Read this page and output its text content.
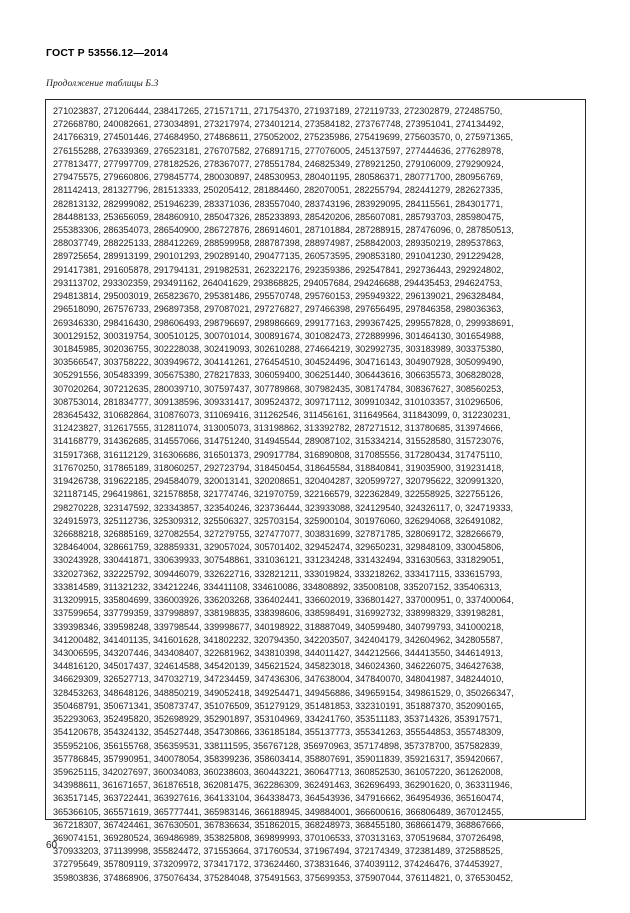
ГОСТ Р 53556.12—2014
Продолжение таблицы Б.3
271023837, 271206444, 238417265, 271571711, 271754370, 271937189, 272119733, 272302879, 272485750,
272668780, 240082661, 273034891, 273217974, 273401214, 273584182, 273767748, 273951041, 274134492,
241766319, 274501446, 274684950, 274868611, 275052002, 275235986, 275419699, 275603570, 0, 275971365,
276155288, 276339369, 276523181, 276707582, 276891715, 277076005, 245137597, 277444636, 277628978,
277813477, 277997709, 278182526, 278367077, 278551784, 246825349, 278921250, 279106009, 279290924,
279475575, 279660806, 279845774, 280030897, 248530953, 280401195, 280586371, 280771700, 280956769,
281142413, 281327796, 281513333, 250205412, 281884460, 282070051, 282255794, 282441279, 282627335,
282813132, 282999082, 251946239, 283371036, 283557040, 283743196, 283929095, 284115561, 284301771,
284488133, 253656059, 284860910, 285047326, 285233893, 285420206, 285607081, 285793703, 285980475,
255383306, 286354073, 286540900, 286727876, 286914601, 287101884, 287288915, 287476096, 0, 287850513,
288037749, 288225133, 288412269, 288599958, 288787398, 288974987, 258842003, 289350219, 289537863,
289725654, 289913199, 290101293, 290289140, 290477135, 260573595, 290853180, 291041230, 291229428,
291417381, 291605878, 291794131, 291982531, 262322176, 292359386, 292547841, 292736443, 292924802,
293113702, 293302359, 293491162, 264041629, 293868825, 294057684, 294246688, 294435453, 294624753,
294813814, 295003019, 265823670, 295381486, 295570748, 295760153, 295949322, 296139021, 296328484,
296518090, 267576733, 296897358, 297087021, 297276827, 297466398, 297656495, 297846358, 298036363,
269346330, 298416430, 298606493, 298796697, 298986669, 299177163, 299367425, 299557828, 0, 299938691,
300129152, 300319754, 300510125, 300701014, 300891674, 301082473, 272889996, 301464130, 301654988,
301845985, 302036755, 302228038, 302419093, 302610288, 274664219, 302992735, 303183989, 303375380,
303566547, 303758222, 303949672, 304141261, 276454510, 304524496, 304716143, 304907928, 305099490,
305291556, 305483399, 305675380, 278217833, 306059400, 306251440, 306443616, 306635573, 306828028,
307020264, 307212635, 280039710, 307597437, 307789868, 307982435, 308174784, 308367627, 308560253,
308753014, 281834777, 309138596, 309331417, 309524372, 309717112, 309910342, 310103357, 310296506,
283645432, 310682864, 310876073, 311069416, 311262546, 311456161, 311649564, 311843099, 0, 312230231,
312423827, 312617555, 312811074, 313005073, 313198862, 313392782, 287271512, 313780685, 313974666,
314168779, 314362685, 314557066, 314751240, 314945544, 289087102, 315334214, 315528580, 315723076,
315917368, 316112129, 316306686, 316501373, 290917784, 316890808, 317085556, 317280434, 317475110,
317670250, 317865189, 318060257, 292723794, 318450454, 318645584, 318840841, 319035900, 319231418,
319426738, 319622185, 294584079, 320013141, 320208651, 320404287, 320599727, 320795622, 320991320,
321187145, 296419861, 321578858, 321774746, 321970759, 322166579, 322362849, 322558925, 322755126,
298270228, 323147592, 323343857, 323540246, 323736444, 323933088, 324129540, 324326117, 0, 324719333,
324915973, 325112736, 325309312, 325506327, 325703154, 325900104, 301976060, 326294068, 326491082,
326688218, 326885169, 327082554, 327279755, 327477077, 303831699, 327871785, 328069172, 328266679,
328464004, 328661759, 328859331, 329057024, 305701402, 329452474, 329650231, 329848109, 330045806,
330243928, 330441871, 330639933, 307548861, 331036121, 331234248, 331432494, 331630563, 331829051,
332027362, 332225792, 309446079, 332622716, 332821211, 333019824, 333218262, 333417115, 333615793,
333814589, 311321232, 334212246, 334411108, 334610086, 334808892, 335008108, 335207152, 335406313,
313209915, 335804699, 336003926, 336203268, 336402441, 336602019, 336801427, 337000951, 0, 337400064,
337599654, 337799359, 337998897, 338198835, 338398606, 338598491, 316992732, 338998329, 339198281,
339398346, 339598248, 339798544, 339998677, 340198922, 318887049, 340599480, 340799793, 341000218,
341200482, 341401135, 341601628, 341802232, 320794350, 342203507, 342404179, 342604962, 342805587,
343006595, 343207446, 343408407, 322681962, 343810398, 344011427, 344212566, 344413550, 344614913,
344816120, 345017437, 324614588, 345420139, 345621524, 345823018, 346024360, 346226075, 346427638,
346629309, 326527713, 347032719, 347234459, 347436306, 347638004, 347840070, 348041987, 348244010,
328453263, 348648126, 348850219, 349052418, 349254471, 349456886, 349659154, 349861529, 0, 350266347,
350468791, 350671341, 350873747, 351076509, 351279129, 351481853, 332310191, 351887370, 352090165,
352293063, 352495820, 352698929, 352901897, 353104969, 334241760, 353511183, 353714326, 353917571,
354120678, 354324132, 354527448, 354730866, 336185184, 355137773, 355341263, 355544853, 355748309,
355952106, 356155768, 356359531, 338111595, 356767128, 356970963, 357174898, 357378700, 357582839,
357786845, 357990951, 340078054, 358399236, 358603414, 358807691, 359011839, 359216317, 359420667,
359625115, 342027697, 360034083, 360238603, 360443221, 360647713, 360852530, 361057220, 361262008,
343988611, 361671657, 361876518, 362081475, 362286309, 362491463, 362696493, 362901620, 0, 363311946,
363517145, 363722441, 363927616, 364133104, 364338473, 364543936, 347916662, 364954936, 365160474,
365366105, 365571619, 365777441, 365983146, 366188945, 349884001, 366600616, 366806489, 367012455,
367218307, 367424461, 367630501, 367836634, 351862015, 368248973, 368455180, 368661479, 368867666,
369074151, 369280524, 369486989, 353825808, 369899993, 370106533, 370313163, 370519684, 370726498,
370933203, 371139998, 355824472, 371553664, 371760534, 371967494, 372174349, 372381489, 372588525,
372795649, 357809119, 373209972, 373417172, 373624460, 373831646, 374039112, 374246476, 374453927,
359803836, 374868906, 375076434, 375284048, 375491563, 375699353, 375907044, 376114821, 0, 376530452,
60
